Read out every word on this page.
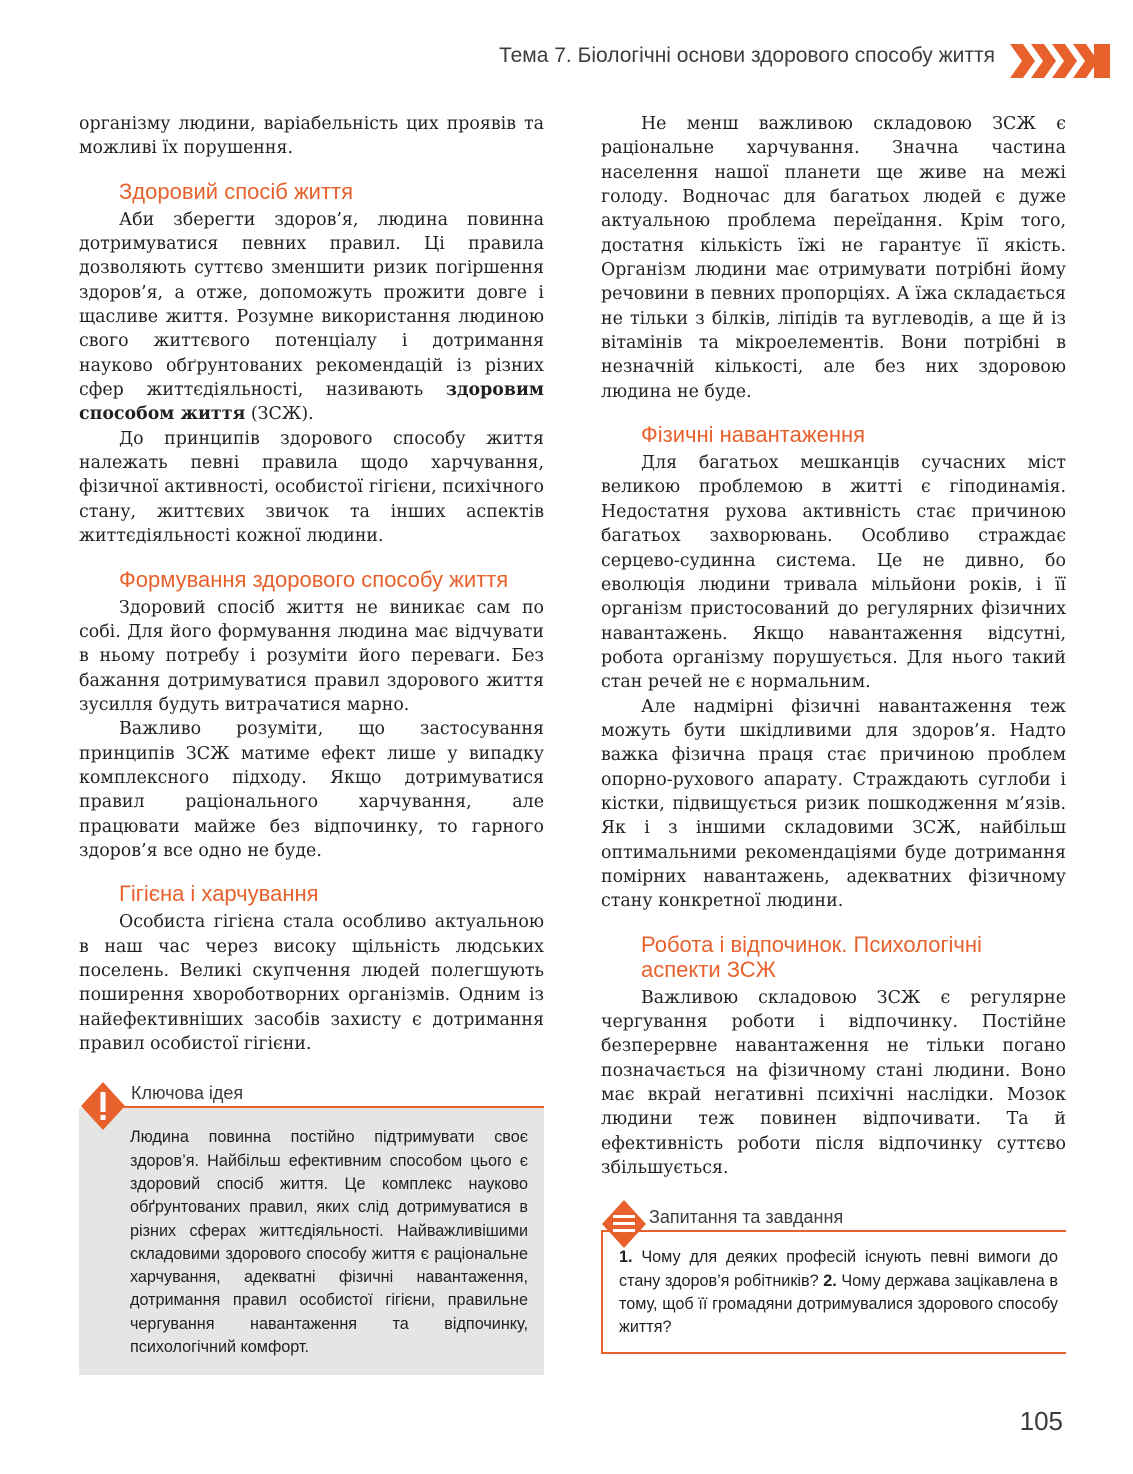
Тема 7. Біологічні основи здорового способу життя

організму людини, варіабельність цих проявів та можливі їх порушення.

Здоровий спосіб життя

Аби зберегти здоров’я, людина повинна дотримуватися певних правил. Ці правила дозволяють суттєво зменшити ризик погіршення здоров’я, а отже, допоможуть прожити довге і щасливе життя. Розумне використання людиною свого життєвого потенціалу і дотримання науково обґрунтованих рекомендацій із різних сфер життєдіяльності, називають здоровим способом життя (ЗСЖ).

До принципів здорового способу життя належать певні правила щодо харчування, фізичної активності, особистої гігієни, психічного стану, життєвих звичок та інших аспектів життєдіяльності кожної людини.

Формування здорового способу життя

Здоровий спосіб життя не виникає сам по собі. Для його формування людина має відчувати в ньому потребу і розуміти його переваги. Без бажання дотримуватися правил здорового життя зусилля будуть витрачатися марно.

Важливо розуміти, що застосування принципів ЗСЖ матиме ефект лише у випадку комплексного підходу. Якщо дотримуватися правил раціонального харчування, але працювати майже без відпочинку, то гарного здоров’я все одно не буде.

Гігієна і харчування

Особиста гігієна стала особливо актуальною в наш час через високу щільність людських поселень. Великі скупчення людей полегшують поширення хвороботворних організмів. Одним із найефективніших засобів захисту є дотримання правил особистої гігієни.

Ключова ідея
Людина повинна постійно підтримувати своє здоров’я. Найбільш ефективним способом цього є здоровий спосіб життя. Це комплекс науково обґрунтованих правил, яких слід дотримуватися в різних сферах життєдіяльності. Найважливішими складовими здорового способу життя є раціональне харчування, адекватні фізичні навантаження, дотримання правил особистої гігієни, правильне чергування навантаження та відпочинку, психологічний комфорт.

Не менш важливою складовою ЗСЖ є раціональне харчування. Значна частина населення нашої планети ще живе на межі голоду. Водночас для багатьох людей є дуже актуальною проблема переїдання. Крім того, достатня кількість їжі не гарантує її якість. Організм людини має отримувати потрібні йому речовини в певних пропорціях. А їжа складається не тільки з білків, ліпідів та вуглеводів, а ще й із вітамінів та мікроелементів. Вони потрібні в незначній кількості, але без них здоровою людина не буде.

Фізичні навантаження

Для багатьох мешканців сучасних міст великою проблемою в житті є гіподинамія. Недостатня рухова активність стає причиною багатьох захворювань. Особливо страждає серцево-судинна система. Це не дивно, бо еволюція людини тривала мільйони років, і її організм пристосований до регулярних фізичних навантажень. Якщо навантаження відсутні, робота організму порушується. Для нього такий стан речей не є нормальним.

Але надмірні фізичні навантаження теж можуть бути шкідливими для здоров’я. Надто важка фізична праця стає причиною проблем опорно-рухового апарату. Страждають суглоби і кістки, підвищується ризик пошкодження м’язів. Як і з іншими складовими ЗСЖ, найбільш оптимальними рекомендаціями буде дотримання помірних навантажень, адекватних фізичному стану конкретної людини.

Робота і відпочинок. Психологічні аспекти ЗСЖ

Важливою складовою ЗСЖ є регулярне чергування роботи і відпочинку. Постійне безперервне навантаження не тільки погано позначається на фізичному стані людини. Воно має вкрай негативні психічні наслідки. Мозок людини теж повинен відпочивати. Та й ефективність роботи після відпочинку суттєво збільшується.

Запитання та завдання
1. Чому для деяких професій існують певні вимоги до стану здоров’я робітників? 2. Чому держава зацікавлена в тому, щоб її громадяни дотримувалися здорового способу життя?
105
